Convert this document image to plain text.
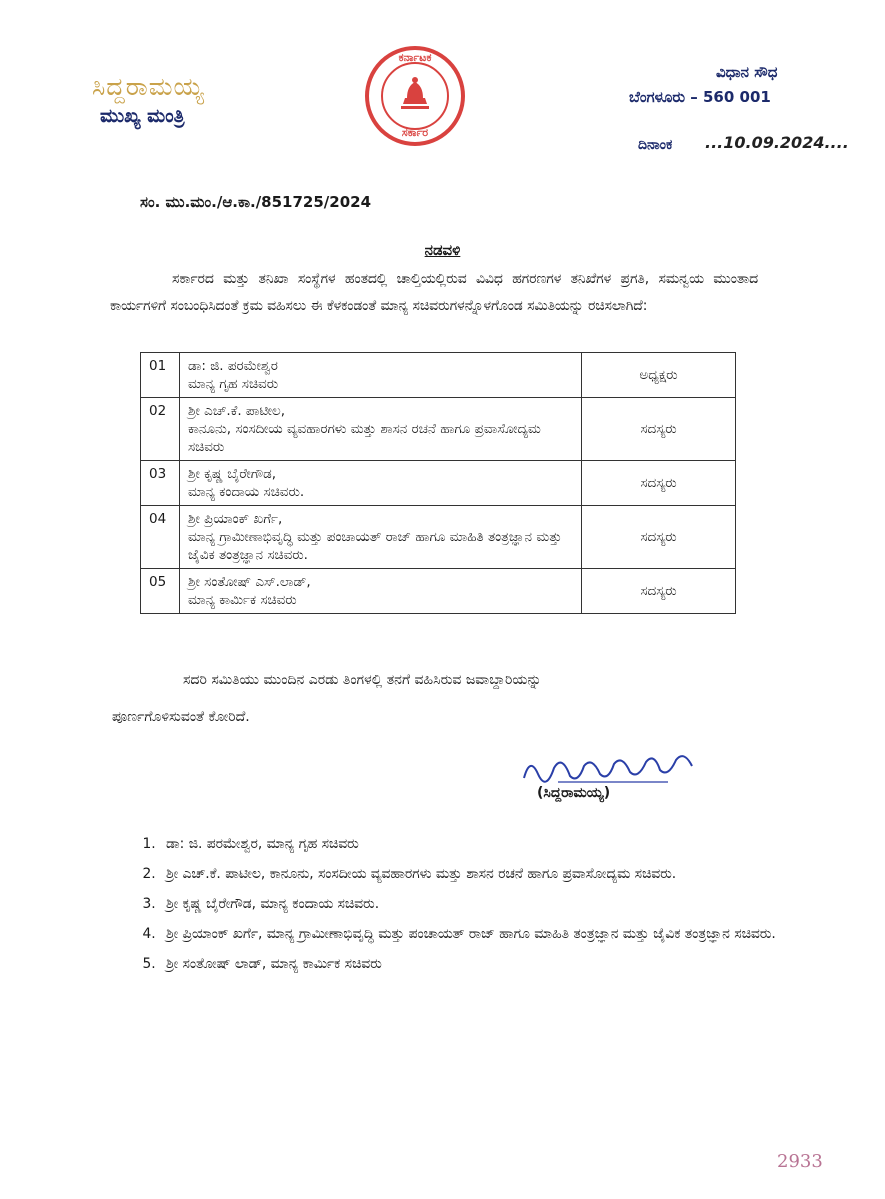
ಸಿದ್ದರಾಮಯ್ಯ
ಮುಖ್ಯ ಮಂತ್ರಿ
ಕರ್ನಾಟಕ
ಸರ್ಕಾರ
ವಿಧಾನ ಸೌಧ
ಬೆಂಗಳೂರು – 560 001
ದಿನಾಂಕ ...10.09.2024....
ಸಂ. ಮು.ಮಂ./ಆ.ಕಾ./851725/2024
ನಡವಳಿ
ಸರ್ಕಾರದ ಮತ್ತು ತನಿಖಾ ಸಂಸ್ಥೆಗಳ ಹಂತದಲ್ಲಿ ಚಾಲ್ತಿಯಲ್ಲಿರುವ ವಿವಿಧ ಹಗರಣಗಳ ತನಿಖೆಗಳ ಪ್ರಗತಿ, ಸಮನ್ವಯ ಮುಂತಾದ ಕಾರ್ಯಗಳಿಗೆ ಸಂಬಂಧಿಸಿದಂತೆ ಕ್ರಮ ವಹಿಸಲು ಈ ಕೆಳಕಂಡಂತೆ ಮಾನ್ಯ ಸಚಿವರುಗಳನ್ನೊಳಗೊಂಡ ಸಮಿತಿಯನ್ನು ರಚಿಸಲಾಗಿದೆ:
01	ಡಾ: ಜಿ. ಪರಮೇಶ್ವರ
ಮಾನ್ಯ ಗೃಹ ಸಚಿವರು	ಅಧ್ಯಕ್ಷರು
02	ಶ್ರೀ ಎಚ್.ಕೆ. ಪಾಟೀಲ,
ಕಾನೂನು, ಸಂಸದೀಯ ವ್ಯವಹಾರಗಳು ಮತ್ತು ಶಾಸನ ರಚನೆ ಹಾಗೂ ಪ್ರವಾಸೋದ್ಯಮ ಸಚಿವರು	ಸದಸ್ಯರು
03	ಶ್ರೀ ಕೃಷ್ಣ ಬೈರೇಗೌಡ,
ಮಾನ್ಯ ಕಂದಾಯ ಸಚಿವರು.	ಸದಸ್ಯರು
04	ಶ್ರೀ ಪ್ರಿಯಾಂಕ್ ಖರ್ಗೆ,
ಮಾನ್ಯ ಗ್ರಾಮೀಣಾಭಿವೃದ್ಧಿ ಮತ್ತು ಪಂಚಾಯತ್ ರಾಜ್ ಹಾಗೂ ಮಾಹಿತಿ ತಂತ್ರಜ್ಞಾನ ಮತ್ತು ಜೈವಿಕ ತಂತ್ರಜ್ಞಾನ ಸಚಿವರು.	ಸದಸ್ಯರು
05	ಶ್ರೀ ಸಂತೋಷ್ ಎಸ್.ಲಾಡ್,
ಮಾನ್ಯ ಕಾರ್ಮಿಕ ಸಚಿವರು	ಸದಸ್ಯರು
ಸದರಿ ಸಮಿತಿಯು ಮುಂದಿನ ಎರಡು ತಿಂಗಳಲ್ಲಿ ತನಗೆ ವಹಿಸಿರುವ ಜವಾಬ್ದಾರಿಯನ್ನು
ಪೂರ್ಣಗೊಳಿಸುವಂತೆ ಕೋರಿದೆ.
(ಸಿದ್ದರಾಮಯ್ಯ)
1. ಡಾ: ಜಿ. ಪರಮೇಶ್ವರ, ಮಾನ್ಯ ಗೃಹ ಸಚಿವರು
2. ಶ್ರೀ ಎಚ್.ಕೆ. ಪಾಟೀಲ, ಕಾನೂನು, ಸಂಸದೀಯ ವ್ಯವಹಾರಗಳು ಮತ್ತು ಶಾಸನ ರಚನೆ ಹಾಗೂ ಪ್ರವಾಸೋದ್ಯಮ ಸಚಿವರು.
3. ಶ್ರೀ ಕೃಷ್ಣ ಬೈರೇಗೌಡ, ಮಾನ್ಯ ಕಂದಾಯ ಸಚಿವರು.
4. ಶ್ರೀ ಪ್ರಿಯಾಂಕ್ ಖರ್ಗೆ, ಮಾನ್ಯ ಗ್ರಾಮೀಣಾಭಿವೃದ್ಧಿ ಮತ್ತು ಪಂಚಾಯತ್ ರಾಜ್ ಹಾಗೂ ಮಾಹಿತಿ ತಂತ್ರಜ್ಞಾನ ಮತ್ತು ಜೈವಿಕ ತಂತ್ರಜ್ಞಾನ ಸಚಿವರು.
5. ಶ್ರೀ ಸಂತೋಷ್ ಲಾಡ್, ಮಾನ್ಯ ಕಾರ್ಮಿಕ ಸಚಿವರು
2933
